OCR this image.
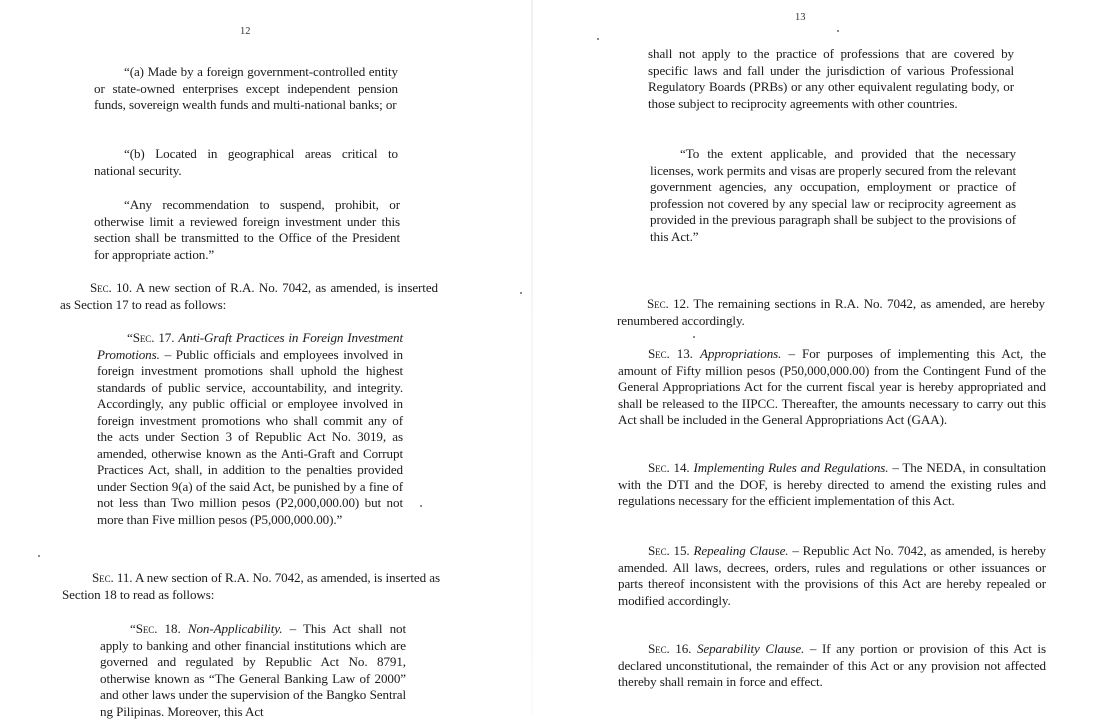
12

“(a) Made by a foreign government-controlled entity or state-owned enterprises except independent pension funds, sovereign wealth funds and multi-national banks; or

“(b) Located in geographical areas critical to national security.

“Any recommendation to suspend, prohibit, or otherwise limit a reviewed foreign investment under this section shall be transmitted to the Office of the President for appropriate action.”

Sec. 10. A new section of R.A. No. 7042, as amended, is inserted as Section 17 to read as follows:

“Sec. 17. Anti-Graft Practices in Foreign Investment Promotions. – Public officials and employees involved in foreign investment promotions shall uphold the highest standards of public service, accountability, and integrity. Accordingly, any public official or employee involved in foreign investment promotions who shall commit any of the acts under Section 3 of Republic Act No. 3019, as amended, otherwise known as the Anti-Graft and Corrupt Practices Act, shall, in addition to the penalties provided under Section 9(a) of the said Act, be punished by a fine of not less than Two million pesos (P2,000,000.00) but not more than Five million pesos (P5,000,000.00).”

Sec. 11. A new section of R.A. No. 7042, as amended, is inserted as Section 18 to read as follows:

“Sec. 18. Non-Applicability. – This Act shall not apply to banking and other financial institutions which are governed and regulated by Republic Act No. 8791, otherwise known as “The General Banking Law of 2000” and other laws under the supervision of the Bangko Sentral ng Pilipinas. Moreover, this Act

13

shall not apply to the practice of professions that are covered by specific laws and fall under the jurisdiction of various Professional Regulatory Boards (PRBs) or any other equivalent regulating body, or those subject to reciprocity agreements with other countries.

“To the extent applicable, and provided that the necessary licenses, work permits and visas are properly secured from the relevant government agencies, any occupation, employment or practice of profession not covered by any special law or reciprocity agreement as provided in the previous paragraph shall be subject to the provisions of this Act.”

Sec. 12. The remaining sections in R.A. No. 7042, as amended, are hereby renumbered accordingly.

Sec. 13. Appropriations. – For purposes of implementing this Act, the amount of Fifty million pesos (P50,000,000.00) from the Contingent Fund of the General Appropriations Act for the current fiscal year is hereby appropriated and shall be released to the IIPCC. Thereafter, the amounts necessary to carry out this Act shall be included in the General Appropriations Act (GAA).

Sec. 14. Implementing Rules and Regulations. – The NEDA, in consultation with the DTI and the DOF, is hereby directed to amend the existing rules and regulations necessary for the efficient implementation of this Act.

Sec. 15. Repealing Clause. – Republic Act No. 7042, as amended, is hereby amended. All laws, decrees, orders, rules and regulations or other issuances or parts thereof inconsistent with the provisions of this Act are hereby repealed or modified accordingly.

Sec. 16. Separability Clause. – If any portion or provision of this Act is declared unconstitutional, the remainder of this Act or any provision not affected thereby shall remain in force and effect.
